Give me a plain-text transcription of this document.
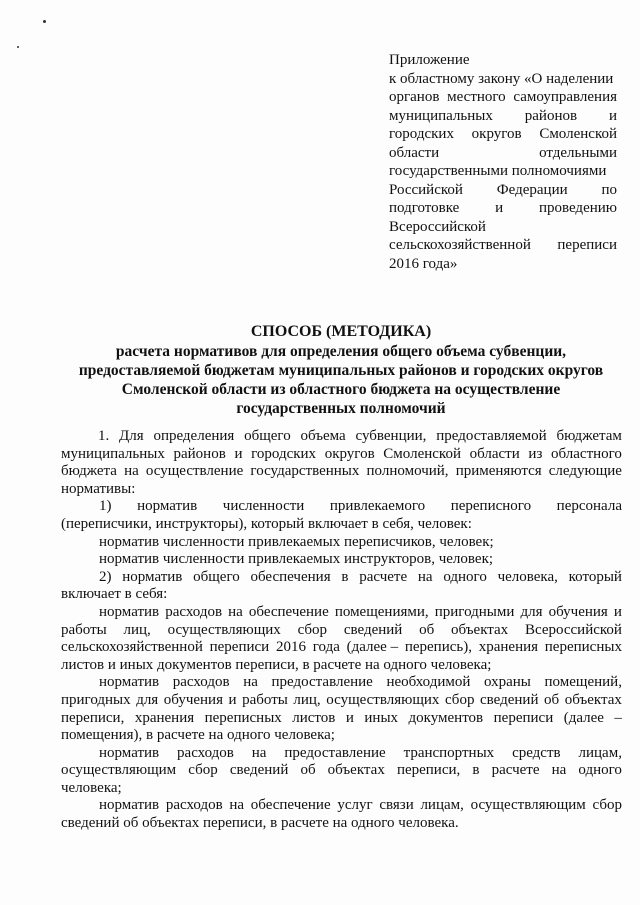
Приложение
к областному закону «О наделении
органов местного самоуправления
муниципальных районов и
городских округов Смоленской
области	отдельными
государственными полномочиями
Российской Федерации по
подготовке и проведению
Всероссийской
сельскохозяйственной переписи
2016 года»
СПОСОБ (МЕТОДИКА)
расчета нормативов для определения общего объема субвенции,
предоставляемой бюджетам муниципальных районов и городских округов
Смоленской области из областного бюджета на осуществление
государственных полномочий
1. Для определения общего объема субвенции, предоставляемой бюджетам
муниципальных районов и городских округов Смоленской области из областного
бюджета на осуществление государственных полномочий, применяются следующие
нормативы:
1) норматив численности привлекаемого переписного персонала
(переписчики, инструкторы), который включает в себя, человек:
норматив численности привлекаемых переписчиков, человек;
норматив численности привлекаемых инструкторов, человек;
2) норматив общего обеспечения в расчете на одного человека, который
включает в себя:
норматив расходов на обеспечение помещениями, пригодными для обучения и
работы лиц, осуществляющих сбор сведений об объектах Всероссийской
сельскохозяйственной переписи 2016 года (далее – перепись), хранения переписных
листов и иных документов переписи, в расчете на одного человека;
норматив расходов на предоставление необходимой охраны помещений,
пригодных для обучения и работы лиц, осуществляющих сбор сведений об объектах
переписи, хранения переписных листов и иных документов переписи (далее –
помещения), в расчете на одного человека;
норматив расходов на предоставление транспортных средств лицам,
осуществляющим сбор сведений об объектах переписи, в расчете на одного
человека;
норматив расходов на обеспечение услуг связи лицам, осуществляющим сбор
сведений об объектах переписи, в расчете на одного человека.
